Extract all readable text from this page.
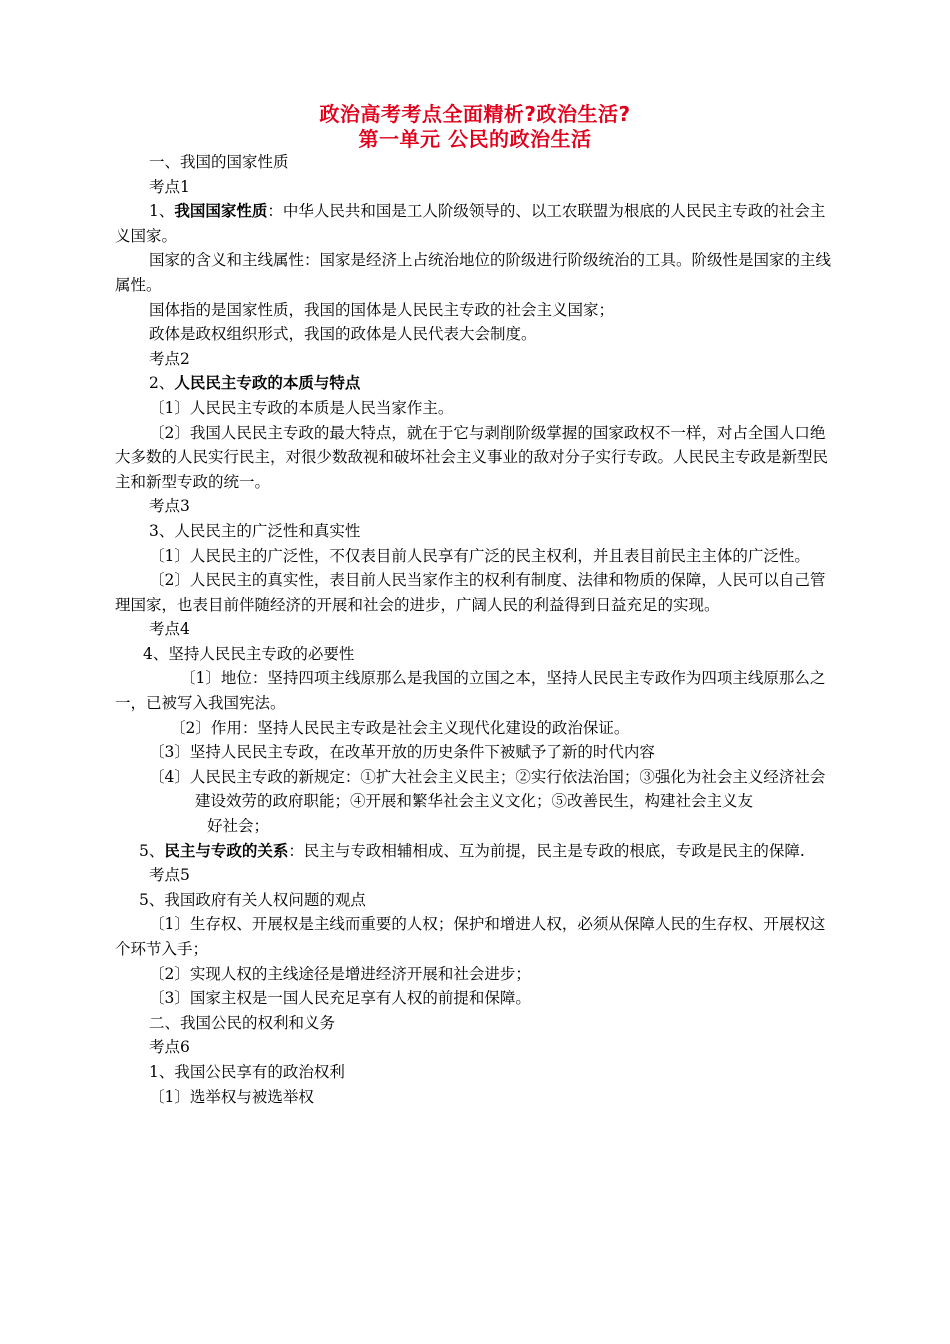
政治高考考点全面精析?政治生活?
第一单元 公民的政治生活

一、我国的国家性质

考点1

1、我国国家性质：中华人民共和国是工人阶级领导的、以工农联盟为根底的人民民主专政的社会主义国家。

国家的含义和主线属性：国家是经济上占统治地位的阶级进行阶级统治的工具。阶级性是国家的主线属性。

国体指的是国家性质，我国的国体是人民民主专政的社会主义国家；

政体是政权组织形式，我国的政体是人民代表大会制度。

考点2

2、人民民主专政的本质与特点

〔1〕人民民主专政的本质是人民当家作主。

〔2〕我国人民民主专政的最大特点，就在于它与剥削阶级掌握的国家政权不一样，对占全国人口绝大多数的人民实行民主，对很少数敌视和破坏社会主义事业的敌对分子实行专政。人民民主专政是新型民主和新型专政的统一。

考点3

3、人民民主的广泛性和真实性

〔1〕人民民主的广泛性，不仅表目前人民享有广泛的民主权利，并且表目前民主主体的广泛性。

〔2〕人民民主的真实性，表目前人民当家作主的权利有制度、法律和物质的保障，人民可以自己管理国家，也表目前伴随经济的开展和社会的进步，广阔人民的利益得到日益充足的实现。

考点4

4、坚持人民民主专政的必要性

〔1〕地位：坚持四项主线原那么是我国的立国之本，坚持人民民主专政作为四项主线原那么之一，已被写入我国宪法。

〔2〕作用：坚持人民民主专政是社会主义现代化建设的政治保证。

〔3〕坚持人民民主专政，在改革开放的历史条件下被赋予了新的时代内容

〔4〕人民民主专政的新规定：①扩大社会主义民主；②实行依法治国；③强化为社会主义经济社会建设效劳的政府职能；④开展和繁华社会主义文化；⑤改善民生，构建社会主义友
好社会；

5、民主与专政的关系：民主与专政相辅相成、互为前提，民主是专政的根底，专政是民主的保障.

考点5

5、我国政府有关人权问题的观点

〔1〕生存权、开展权是主线而重要的人权；保护和增进人权，必须从保障人民的生存权、开展权这个环节入手；

〔2〕实现人权的主线途径是增进经济开展和社会进步；

〔3〕国家主权是一国人民充足享有人权的前提和保障。

二、我国公民的权利和义务

考点6

1、我国公民享有的政治权利

〔1〕选举权与被选举权
